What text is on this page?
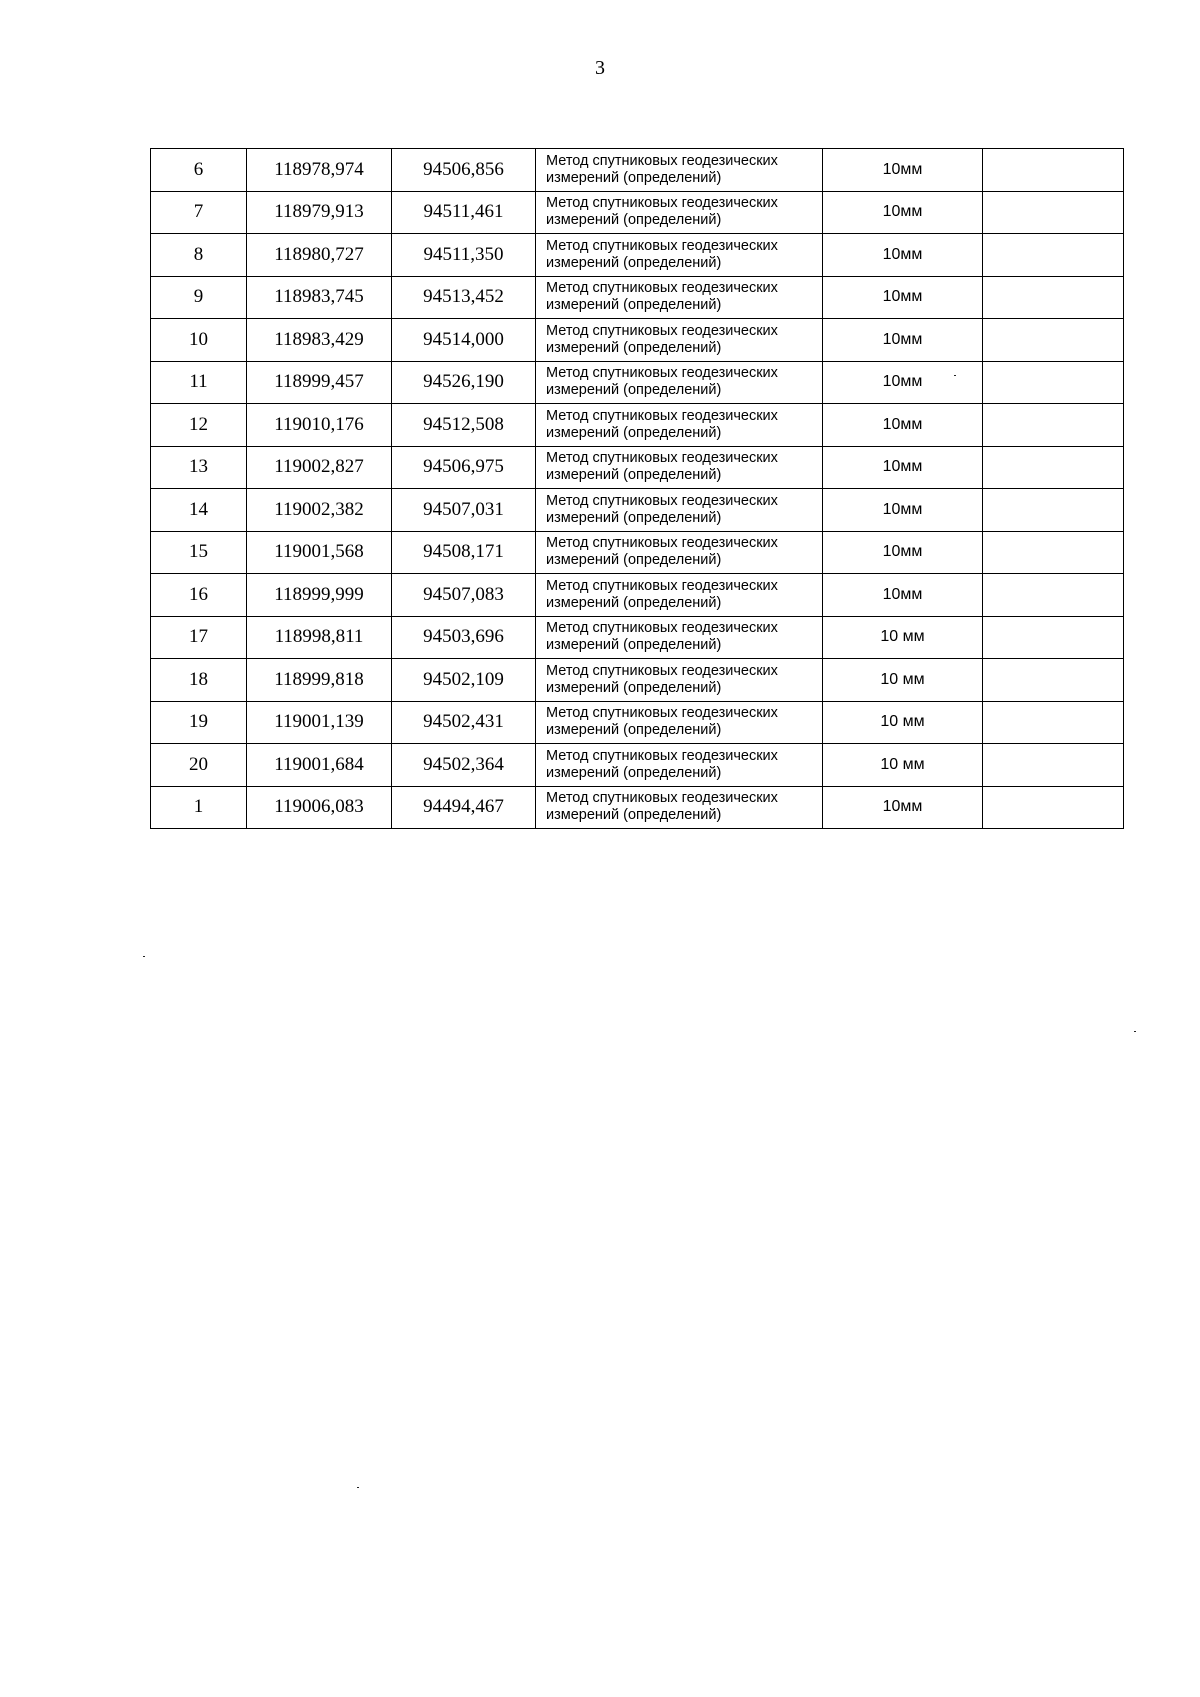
3
6	118978,974	94506,856	Метод спутниковых геодезических
измерений (определений)	10мм	
7	118979,913	94511,461	Метод спутниковых геодезических
измерений (определений)	10мм	
8	118980,727	94511,350	Метод спутниковых геодезических
измерений (определений)	10мм	
9	118983,745	94513,452	Метод спутниковых геодезических
измерений (определений)	10мм	
10	118983,429	94514,000	Метод спутниковых геодезических
измерений (определений)	10мм	
11	118999,457	94526,190	Метод спутниковых геодезических
измерений (определений)	10мм	
12	119010,176	94512,508	Метод спутниковых геодезических
измерений (определений)	10мм	
13	119002,827	94506,975	Метод спутниковых геодезических
измерений (определений)	10мм	
14	119002,382	94507,031	Метод спутниковых геодезических
измерений (определений)	10мм	
15	119001,568	94508,171	Метод спутниковых геодезических
измерений (определений)	10мм	
16	118999,999	94507,083	Метод спутниковых геодезических
измерений (определений)	10мм	
17	118998,811	94503,696	Метод спутниковых геодезических
измерений (определений)	10 мм	
18	118999,818	94502,109	Метод спутниковых геодезических
измерений (определений)	10 мм	
19	119001,139	94502,431	Метод спутниковых геодезических
измерений (определений)	10 мм	
20	119001,684	94502,364	Метод спутниковых геодезических
измерений (определений)	10 мм	
1	119006,083	94494,467	Метод спутниковых геодезических
измерений (определений)	10мм	
